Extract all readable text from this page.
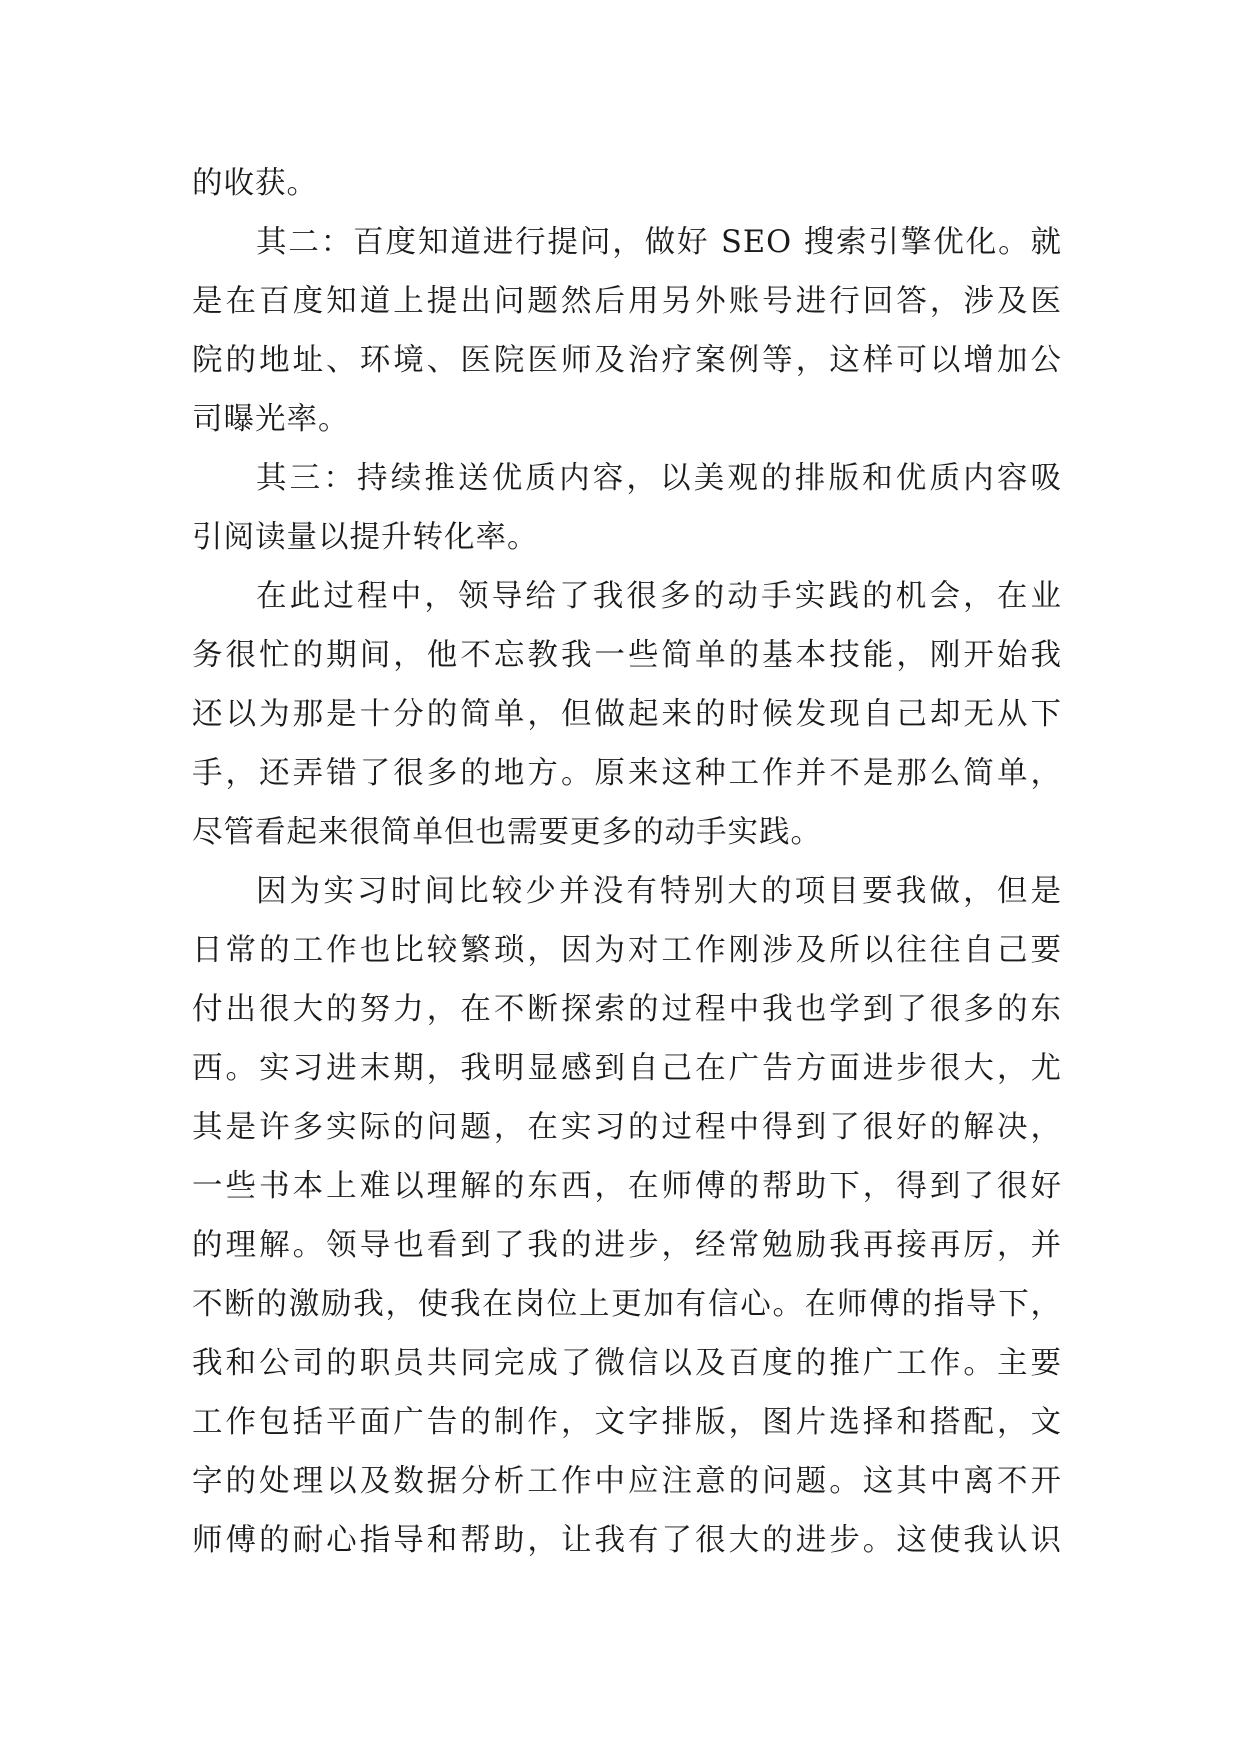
的收获。
其二：百度知道进行提问，做好 SEO 搜索引擎优化。就
是在百度知道上提出问题然后用另外账号进行回答，涉及医
院的地址、环境、医院医师及治疗案例等，这样可以增加公
司曝光率。
其三：持续推送优质内容，以美观的排版和优质内容吸
引阅读量以提升转化率。
在此过程中，领导给了我很多的动手实践的机会，在业
务很忙的期间，他不忘教我一些简单的基本技能，刚开始我
还以为那是十分的简单，但做起来的时候发现自己却无从下
手，还弄错了很多的地方。原来这种工作并不是那么简单，
尽管看起来很简单但也需要更多的动手实践。
因为实习时间比较少并没有特别大的项目要我做，但是
日常的工作也比较繁琐，因为对工作刚涉及所以往往自己要
付出很大的努力，在不断探索的过程中我也学到了很多的东
西。实习进末期，我明显感到自己在广告方面进步很大，尤
其是许多实际的问题，在实习的过程中得到了很好的解决，
一些书本上难以理解的东西，在师傅的帮助下，得到了很好
的理解。领导也看到了我的进步，经常勉励我再接再厉，并
不断的激励我，使我在岗位上更加有信心。在师傅的指导下，
我和公司的职员共同完成了微信以及百度的推广工作。主要
工作包括平面广告的制作，文字排版，图片选择和搭配，文
字的处理以及数据分析工作中应注意的问题。这其中离不开
师傅的耐心指导和帮助，让我有了很大的进步。这使我认识
